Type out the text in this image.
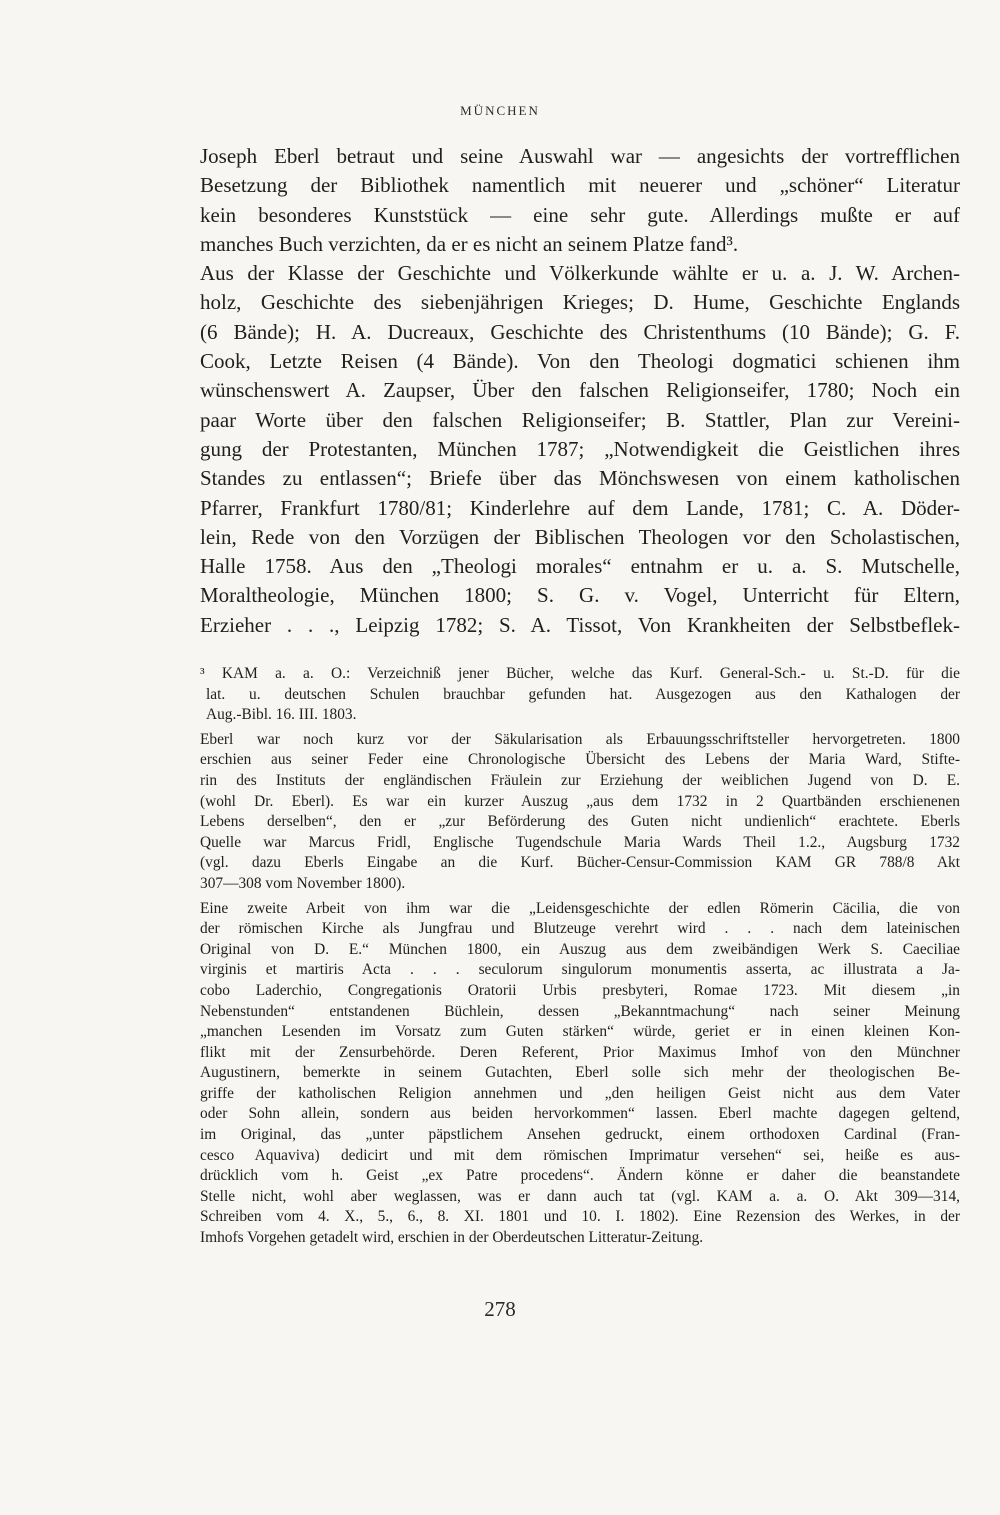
MÜNCHEN
Joseph Eberl betraut und seine Auswahl war — angesichts der vortrefflichen
Besetzung der Bibliothek namentlich mit neuerer und „schöner“ Literatur
kein besonderes Kunststück — eine sehr gute. Allerdings mußte er auf
manches Buch verzichten, da er es nicht an seinem Platze fand³.
Aus der Klasse der Geschichte und Völkerkunde wählte er u. a. J. W. Archen-
holz, Geschichte des siebenjährigen Krieges; D. Hume, Geschichte Englands
(6 Bände); H. A. Ducreaux, Geschichte des Christenthums (10 Bände); G. F.
Cook, Letzte Reisen (4 Bände). Von den Theologi dogmatici schienen ihm
wünschenswert A. Zaupser, Über den falschen Religionseifer, 1780; Noch ein
paar Worte über den falschen Religionseifer; B. Stattler, Plan zur Vereini-
gung der Protestanten, München 1787; „Notwendigkeit die Geistlichen ihres
Standes zu entlassen“; Briefe über das Mönchswesen von einem katholischen
Pfarrer, Frankfurt 1780/81; Kinderlehre auf dem Lande, 1781; C. A. Döder-
lein, Rede von den Vorzügen der Biblischen Theologen vor den Scholastischen,
Halle 1758. Aus den „Theologi morales“ entnahm er u. a. S. Mutschelle,
Moraltheologie, München 1800; S. G. v. Vogel, Unterricht für Eltern,
Erzieher . . ., Leipzig 1782; S. A. Tissot, Von Krankheiten der Selbstbeflek-
³ KAM a. a. O.: Verzeichniß jener Bücher, welche das Kurf. General-Sch.- u. St.-D. für die
lat. u. deutschen Schulen brauchbar gefunden hat. Ausgezogen aus den Kathalogen der
Aug.-Bibl. 16. III. 1803.
Eberl war noch kurz vor der Säkularisation als Erbauungsschriftsteller hervorgetreten. 1800
erschien aus seiner Feder eine Chronologische Übersicht des Lebens der Maria Ward, Stifte-
rin des Instituts der engländischen Fräulein zur Erziehung der weiblichen Jugend von D. E.
(wohl Dr. Eberl). Es war ein kurzer Auszug „aus dem 1732 in 2 Quartbänden erschienenen
Lebens derselben“, den er „zur Beförderung des Guten nicht undienlich“ erachtete. Eberls
Quelle war Marcus Fridl, Englische Tugendschule Maria Wards Theil 1.2., Augsburg 1732
(vgl. dazu Eberls Eingabe an die Kurf. Bücher-Censur-Commission KAM GR 788/8 Akt
307—308 vom November 1800).
Eine zweite Arbeit von ihm war die „Leidensgeschichte der edlen Römerin Cäcilia, die von
der römischen Kirche als Jungfrau und Blutzeuge verehrt wird . . . nach dem lateinischen
Original von D. E.“ München 1800, ein Auszug aus dem zweibändigen Werk S. Caeciliae
virginis et martiris Acta . . . seculorum singulorum monumentis asserta, ac illustrata a Ja-
cobo Laderchio, Congregationis Oratorii Urbis presbyteri, Romae 1723. Mit diesem „in
Nebenstunden“ entstandenen Büchlein, dessen „Bekanntmachung“ nach seiner Meinung
„manchen Lesenden im Vorsatz zum Guten stärken“ würde, geriet er in einen kleinen Kon-
flikt mit der Zensurbehörde. Deren Referent, Prior Maximus Imhof von den Münchner
Augustinern, bemerkte in seinem Gutachten, Eberl solle sich mehr der theologischen Be-
griffe der katholischen Religion annehmen und „den heiligen Geist nicht aus dem Vater
oder Sohn allein, sondern aus beiden hervorkommen“ lassen. Eberl machte dagegen geltend,
im Original, das „unter päpstlichem Ansehen gedruckt, einem orthodoxen Cardinal (Fran-
cesco Aquaviva) dedicirt und mit dem römischen Imprimatur versehen“ sei, heiße es aus-
drücklich vom h. Geist „ex Patre procedens“. Ändern könne er daher die beanstandete
Stelle nicht, wohl aber weglassen, was er dann auch tat (vgl. KAM a. a. O. Akt 309—314,
Schreiben vom 4. X., 5., 6., 8. XI. 1801 und 10. I. 1802). Eine Rezension des Werkes, in der
Imhofs Vorgehen getadelt wird, erschien in der Oberdeutschen Litteratur-Zeitung.
278
